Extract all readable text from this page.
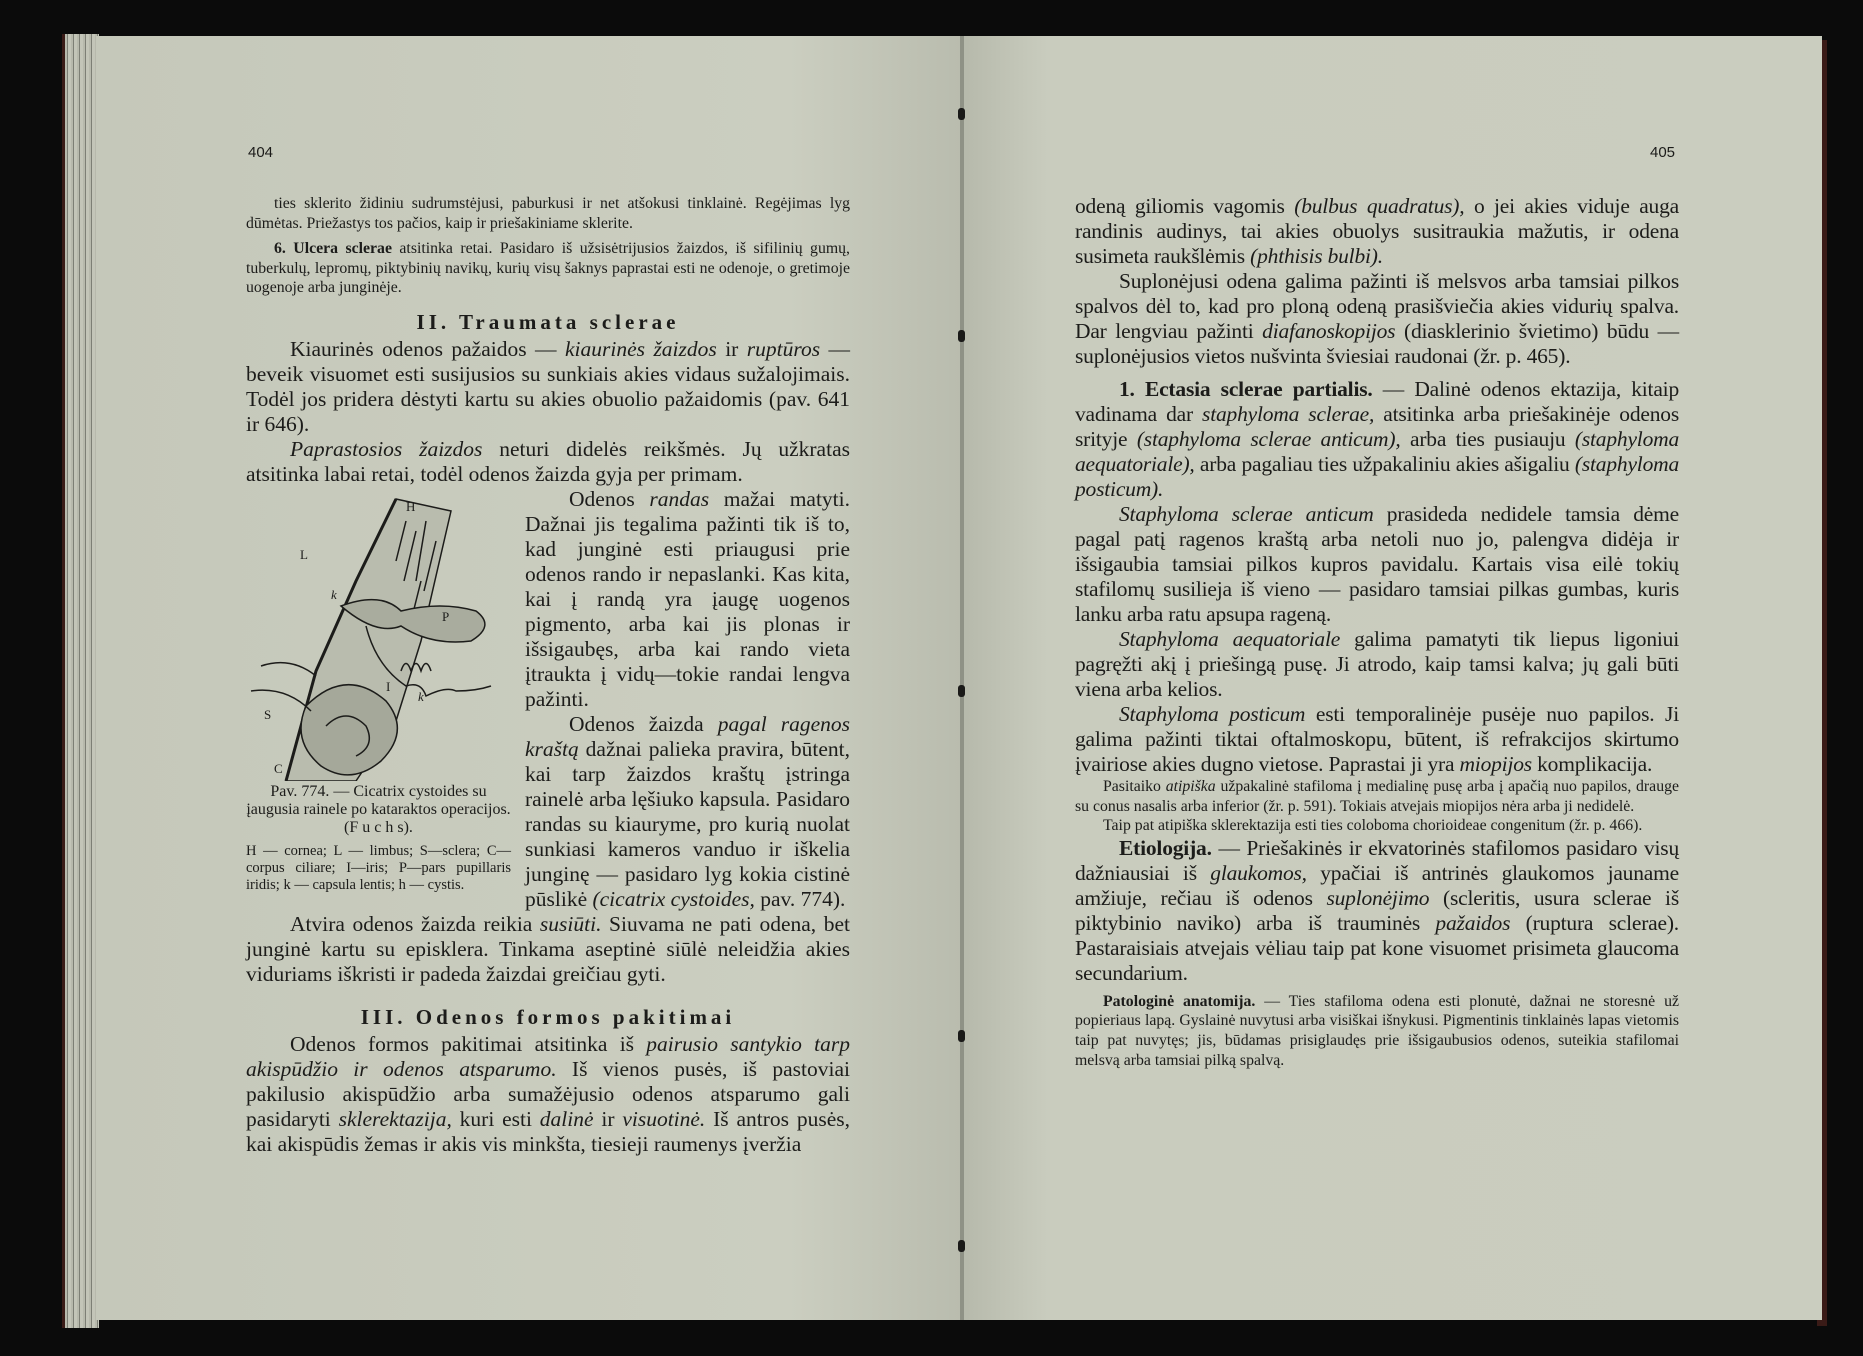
404

ties sklerito židiniu sudrumstėjusi, paburkusi ir net atšokusi tinklainė. Regėjimas lyg dūmėtas. Priežastys tos pačios, kaip ir priešakiniame sklerite.

6. Ulcera sclerae atsitinka retai. Pasidaro iš užsisėtrijusios žaizdos, iš sifilinių gumų, tuberkulų, lepromų, piktybinių navikų, kurių visų šaknys paprastai esti ne odenoje, o gretimoje uogenoje arba junginėje.

II. Traumata sclerae

Kiaurinės odenos pažaidos — kiaurinės žaizdos ir ruptūros — beveik visuomet esti susijusios su sunkiais akies vidaus sužalojimais. Todėl jos pridera dėstyti kartu su akies obuolio pažaidomis (pav. 641 ir 646).

Paprastosios žaizdos neturi didelės reikšmės. Jų užkratas atsitinka labai retai, todėl odenos žaizda gyja per primam.

H
L
k
P
I
S
C
k

Pav. 774. — Cicatrix cystoides su įaugusia rainele po kataraktos operacijos. (F u c h s).

H — cornea; L — limbus; S—sclera; C—corpus ciliare; I—iris; P—pars pupillaris iridis; k — capsula lentis; h — cystis.

Odenos randas mažai matyti. Dažnai jis tegalima pažinti tik iš to, kad junginė esti priaugusi prie odenos rando ir nepaslanki. Kas kita, kai į randą yra įaugę uogenos pigmento, arba kai jis plonas ir išsigaubęs, arba kai rando vieta įtraukta į vidų—tokie randai lengva pažinti.

Odenos žaizda pagal ragenos kraštą dažnai palieka pravira, būtent, kai tarp žaizdos kraštų įstringa rainelė arba lęšiuko kapsula. Pasidaro randas su kiauryme, pro kurią nuolat sunkiasi kameros vanduo ir iškelia junginę — pasidaro lyg kokia cistinė pūslikė (cicatrix cystoides, pav. 774).

Atvira odenos žaizda reikia susiūti. Siuvama ne pati odena, bet junginė kartu su episklera. Tinkama aseptinė siūlė neleidžia akies viduriams iškristi ir padeda žaizdai greičiau gyti.

III. Odenos formos pakitimai

Odenos formos pakitimai atsitinka iš pairusio santykio tarp akispūdžio ir odenos atsparumo. Iš vienos pusės, iš pastoviai pakilusio akispūdžio arba sumažėjusio odenos atsparumo gali pasidaryti sklerektazija, kuri esti dalinė ir visuotinė. Iš antros pusės, kai akispūdis žemas ir akis vis minkšta, tiesieji raumenys įveržia

405

odeną giliomis vagomis (bulbus quadratus), o jei akies viduje auga randinis audinys, tai akies obuolys susitraukia mažutis, ir odena susimeta raukšlėmis (phthisis bulbi).

Suplonėjusi odena galima pažinti iš melsvos arba tamsiai pilkos spalvos dėl to, kad pro ploną odeną prasišviečia akies vidurių spalva. Dar lengviau pažinti diafanoskopijos (diasklerinio švietimo) būdu — suplonėjusios vietos nušvinta šviesiai raudonai (žr. p. 465).

1. Ectasia sclerae partialis. — Dalinė odenos ektazija, kitaip vadinama dar staphyloma sclerae, atsitinka arba priešakinėje odenos srityje (staphyloma sclerae anticum), arba ties pusiauju (staphyloma aequatoriale), arba pagaliau ties užpakaliniu akies ašigaliu (staphyloma posticum).

Staphyloma sclerae anticum prasideda nedidele tamsia dėme pagal patį ragenos kraštą arba netoli nuo jo, palengva didėja ir išsigaubia tamsiai pilkos kupros pavidalu. Kartais visa eilė tokių stafilomų susilieja iš vieno — pasidaro tamsiai pilkas gumbas, kuris lanku arba ratu apsupa rageną.

Staphyloma aequatoriale galima pamatyti tik liepus ligoniui pagręžti akį į priešingą pusę. Ji atrodo, kaip tamsi kalva; jų gali būti viena arba kelios.

Staphyloma posticum esti temporalinėje pusėje nuo papilos. Ji galima pažinti tiktai oftalmoskopu, būtent, iš refrakcijos skirtumo įvairiose akies dugno vietose. Paprastai ji yra miopijos komplikacija.

Pasitaiko atipiška užpakalinė stafiloma į medialinę pusę arba į apačią nuo papilos, drauge su conus nasalis arba inferior (žr. p. 591). Tokiais atvejais miopijos nėra arba ji nedidelė.

Taip pat atipiška sklerektazija esti ties coloboma chorioideae congenitum (žr. p. 466).

Etiologija. — Priešakinės ir ekvatorinės stafilomos pasidaro visų dažniausiai iš glaukomos, ypačiai iš antrinės glaukomos jauname amžiuje, rečiau iš odenos suplonėjimo (scleritis, usura sclerae iš piktybinio naviko) arba iš trauminės pažaidos (ruptura sclerae). Pastaraisiais atvejais vėliau taip pat kone visuomet prisimeta glaucoma secundarium.

Patologinė anatomija. — Ties stafiloma odena esti plonutė, dažnai ne storesnė už popieriaus lapą. Gyslainė nuvytusi arba visiškai išnykusi. Pigmentinis tinklainės lapas vietomis taip pat nuvytęs; jis, būdamas prisiglaudęs prie išsigaubusios odenos, suteikia stafilomai melsvą arba tamsiai pilką spalvą.
